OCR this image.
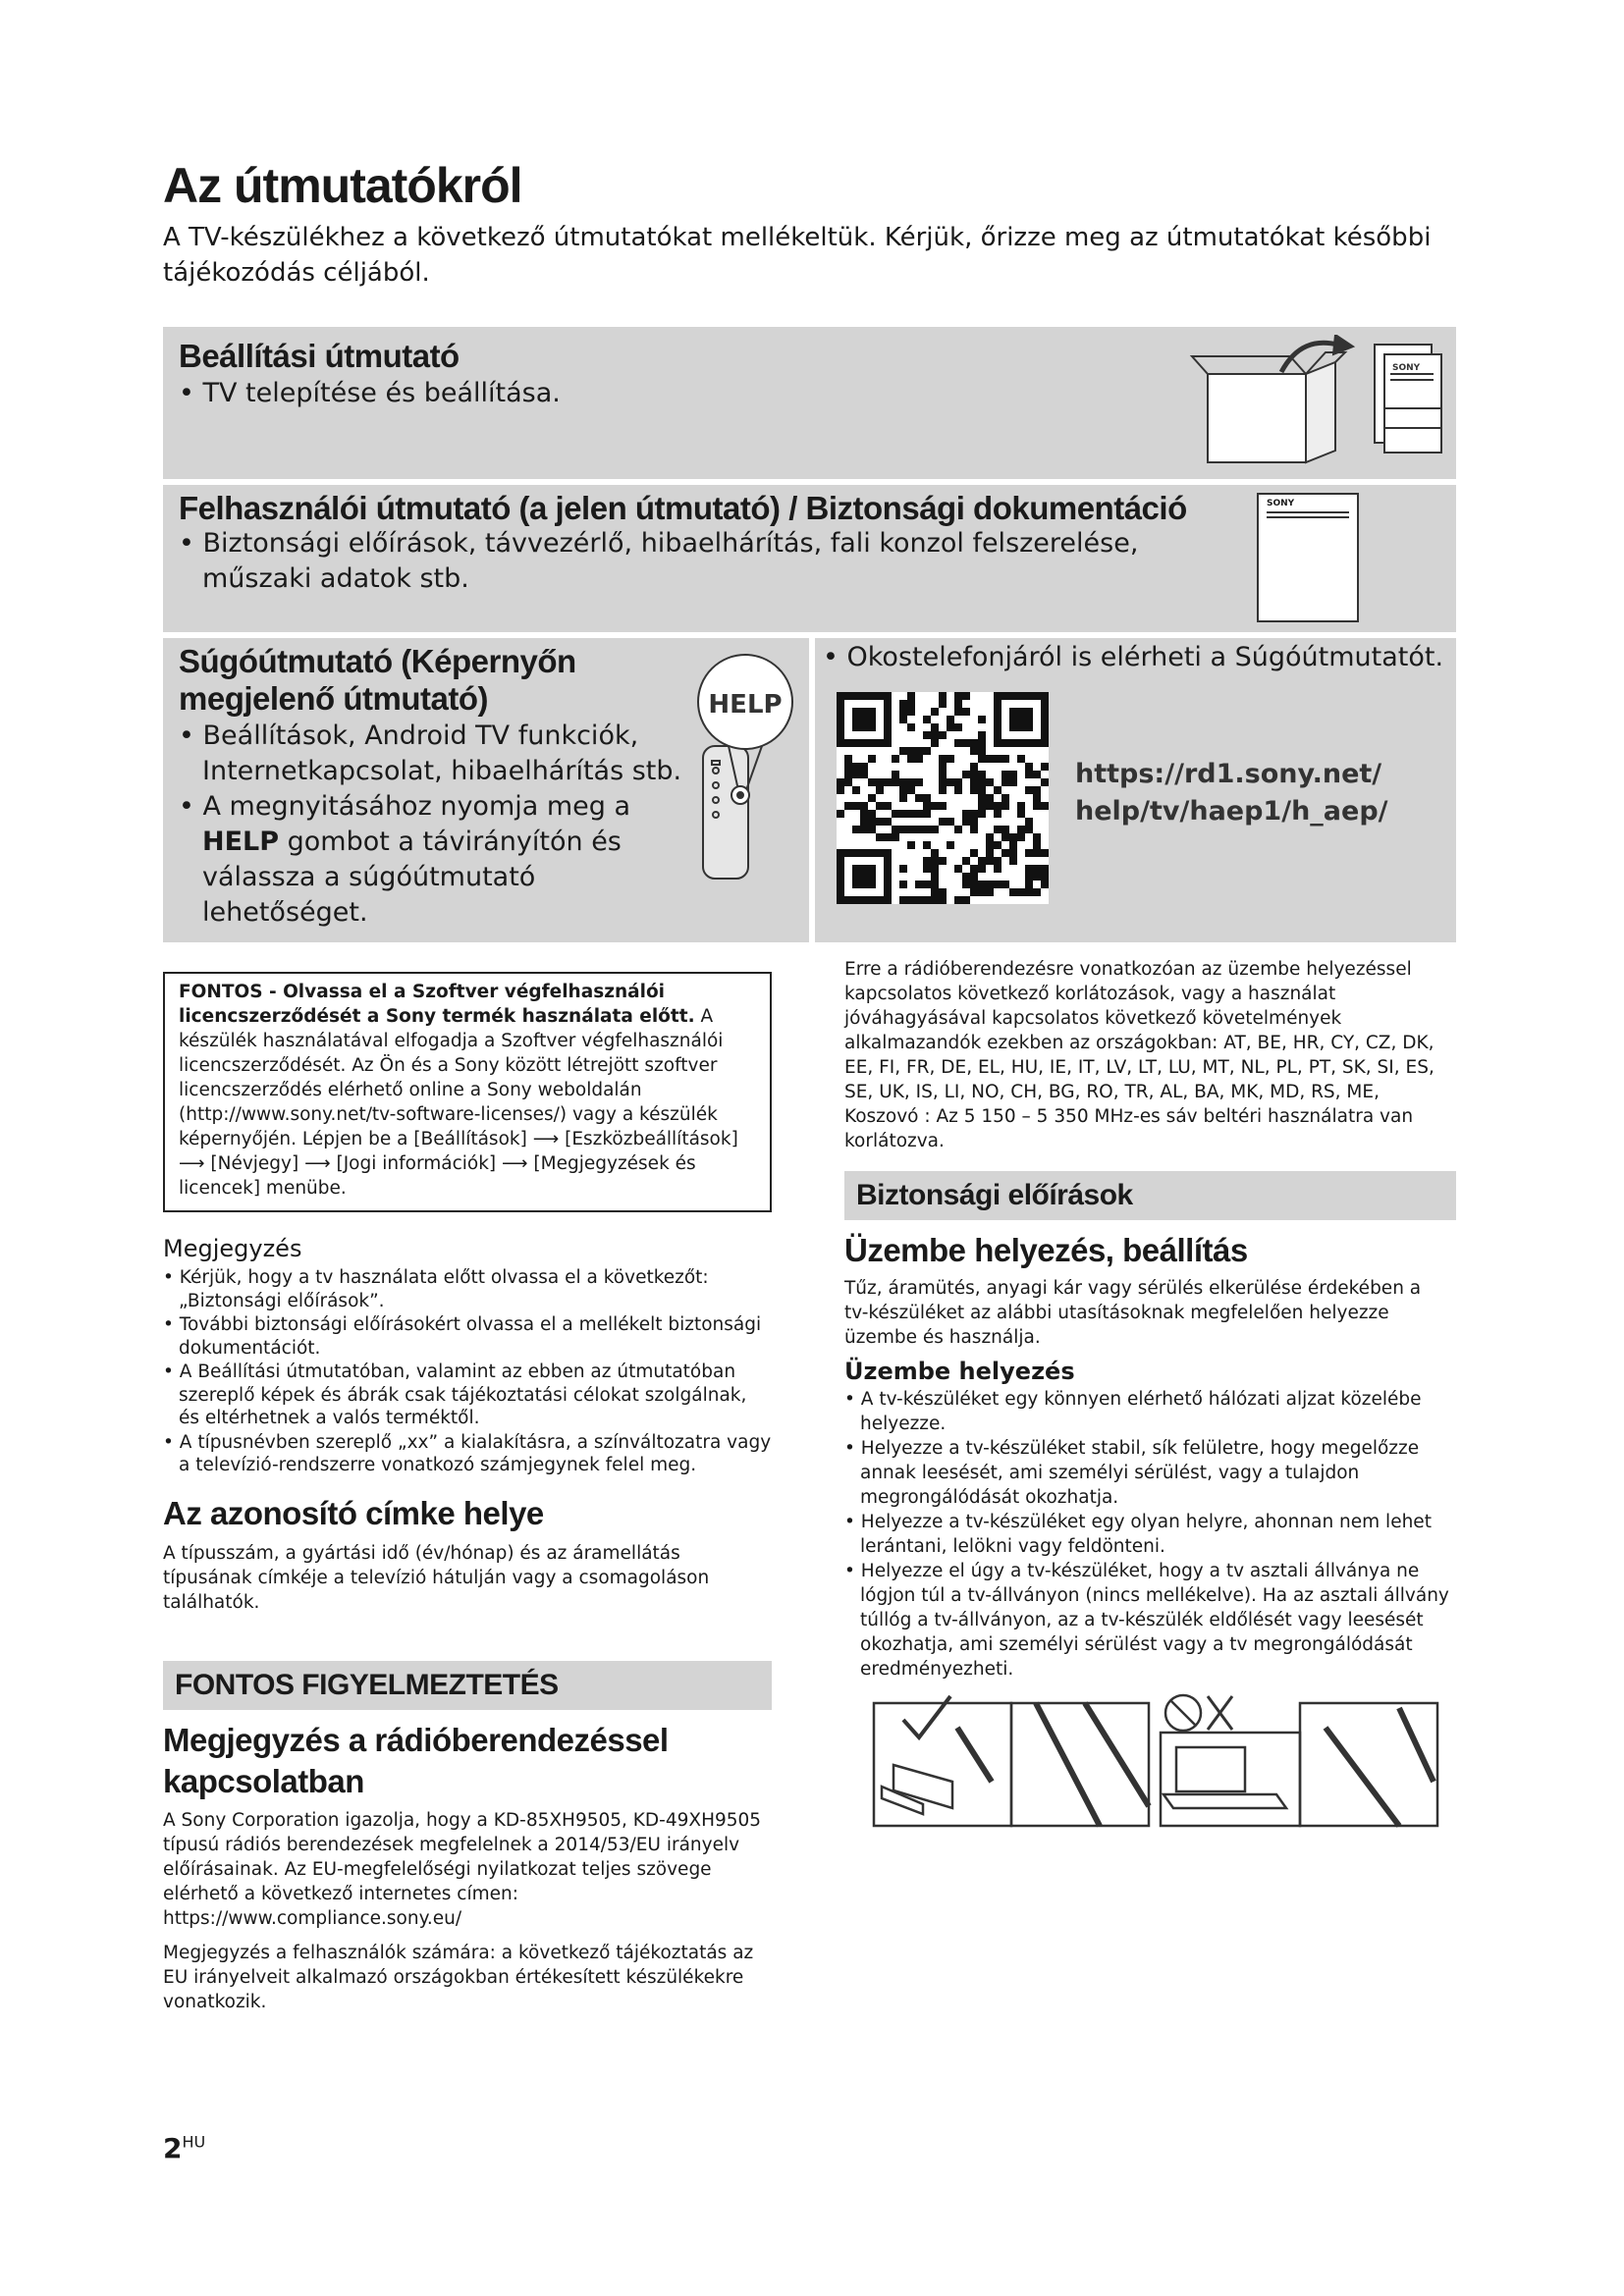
Az útmutatókról

A TV-készülékhez a következő útmutatókat mellékeltük. Kérjük, őrizze meg az útmutatókat későbbi tájékozódás céljából.

Beállítási útmutató

• TV telepítése és beállítása.

SONY
Felhasználói útmutató (a jelen útmutató) / Biztonsági dokumentáció

• Biztonsági előírások, távvezérlő, hibaelhárítás, fali konzol felszerelése, műszaki adatok stb.

SONY
Súgóútmutató (Képernyőn
megjelenő útmutató)

• Beállítások, Android TV funkciók, Internetkapcsolat, hibaelhárítás stb.

• A megnyitásához nyomja meg a HELP gombot a távirányítón és válassza a súgóútmutató lehetőséget.

HELP

• Okostelefonjáról is elérheti a Súgóútmutatót.

https://rd1.sony.net/
help/tv/haep1/h_aep/

FONTOS - Olvassa el a Szoftver végfelhasználói licencszerződését a Sony termék használata előtt. A készülék használatával elfogadja a Szoftver végfelhasználói licencszerződését. Az Ön és a Sony között létrejött szoftver licencszerződés elérhető online a Sony weboldalán (http://www.sony.net/tv-software-licenses/) vagy a készülék képernyőjén. Lépjen be a [Beállítások] ⟶ [Eszközbeállítások] ⟶ [Névjegy] ⟶ [Jogi információk] ⟶ [Megjegyzések és licencek] menübe.

Megjegyzés
• Kérjük, hogy a tv használata előtt olvassa el a következőt: „Biztonsági előírások”.
• További biztonsági előírásokért olvassa el a mellékelt biztonsági dokumentációt.
• A Beállítási útmutatóban, valamint az ebben az útmutatóban szereplő képek és ábrák csak tájékoztatási célokat szolgálnak, és eltérhetnek a valós terméktől.
• A típusnévben szereplő „xx” a kialakításra, a színváltozatra vagy a televízió-rendszerre vonatkozó számjegynek felel meg.
Az azonosító címke helye

A típusszám, a gyártási idő (év/hónap) és az áramellátás típusának címkéje a televízió hátulján vagy a csomagoláson találhatók.

FONTOS FIGYELMEZTETÉS
Megjegyzés a rádióberendezéssel kapcsolatban

A Sony Corporation igazolja, hogy a KD-85XH9505, KD-49XH9505 típusú rádiós berendezések megfelelnek a 2014/53/EU irányelv előírásainak. Az EU-megfelelőségi nyilatkozat teljes szövege elérhető a következő internetes címen: https://www.compliance.sony.eu/

Megjegyzés a felhasználók számára: a következő tájékoztatás az EU irányelveit alkalmazó országokban értékesített készülékekre vonatkozik.

Erre a rádióberendezésre vonatkozóan az üzembe helyezéssel kapcsolatos következő korlátozások, vagy a használat jóváhagyásával kapcsolatos következő követelmények alkalmazandók ezekben az országokban: AT, BE, HR, CY, CZ, DK, EE, FI, FR, DE, EL, HU, IE, IT, LV, LT, LU, MT, NL, PL, PT, SK, SI, ES, SE, UK, IS, LI, NO, CH, BG, RO, TR, AL, BA, MK, MD, RS, ME, Koszovó : Az 5 150 – 5 350 MHz-es sáv beltéri használatra van korlátozva.

Biztonsági előírások
Üzembe helyezés, beállítás

Tűz, áramütés, anyagi kár vagy sérülés elkerülése érdekében a tv-készüléket az alábbi utasításoknak megfelelően helyezze üzembe és használja.

Üzembe helyezés
• A tv-készüléket egy könnyen elérhető hálózati aljzat közelébe helyezze.
• Helyezze a tv-készüléket stabil, sík felületre, hogy megelőzze annak leesését, ami személyi sérülést, vagy a tulajdon megrongálódását okozhatja.
• Helyezze a tv-készüléket egy olyan helyre, ahonnan nem lehet lerántani, lelökni vagy feldönteni.
• Helyezze el úgy a tv-készüléket, hogy a tv asztali állványa ne lógjon túl a tv-állványon (nincs mellékelve). Ha az asztali állvány túllóg a tv-állványon, az a tv-készülék eldőlését vagy leesését okozhatja, ami személyi sérülést vagy a tv megrongálódását eredményezheti.
$2^{HU}$
